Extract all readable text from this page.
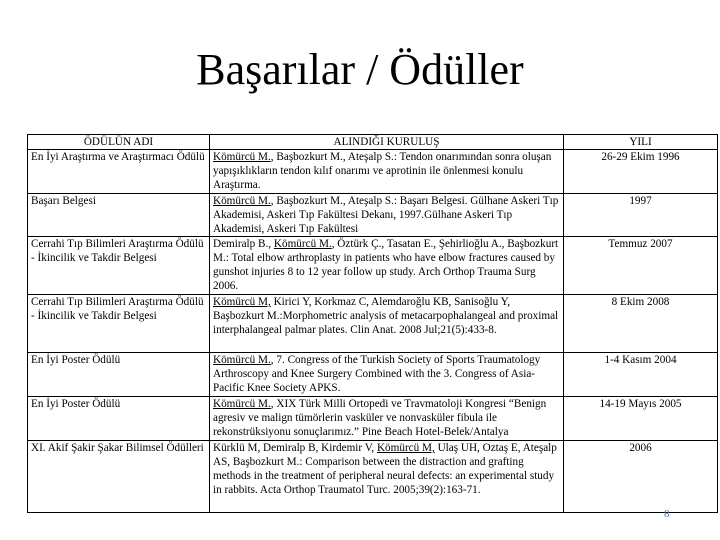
Başarılar / Ödüller
ÖDÜLÜN ADI	ALINDIĞI KURULUŞ	YILI
En İyi Araştırma ve Araştırmacı Ödülü	Kömürcü M., Başbozkurt M., Ateşalp S.: Tendon onarımından sonra oluşan yapışıklıkların tendon kılıf onarımı ve aprotinin ile önlenmesi konulu Araştırma.	26-29 Ekim 1996
Başarı Belgesi	Kömürcü M., Başbozkurt M., Ateşalp S.: Başarı Belgesi. Gülhane Askeri Tıp Akademisi, Askeri Tıp Fakültesi Dekanı, 1997.Gülhane Askeri Tıp Akademisi, Askeri Tıp Fakültesi	1997
Cerrahi Tıp Bilimleri Araştırma Ödülü - İkincilik ve Takdir Belgesi	Demiralp B., Kömürcü M., Öztürk Ç., Tasatan E., Şehirlioğlu A., Başbozkurt M.: Total elbow arthroplasty in patients who have elbow fractures caused by gunshot injuries 8 to 12 year follow up study. Arch Orthop Trauma Surg 2006.	Temmuz 2007
Cerrahi Tıp Bilimleri Araştırma Ödülü - İkincilik ve Takdir Belgesi	Kömürcü M, Kirici Y, Korkmaz C, Alemdaroğlu KB, Sanisoğlu Y, Başbozkurt M.:Morphometric analysis of metacarpophalangeal and proximal interphalangeal palmar plates. Clin Anat. 2008 Jul;21(5):433-8.	8 Ekim 2008
En İyi Poster Ödülü	Kömürcü M., 7. Congress of the Turkish Society of Sports Traumatology Arthroscopy and Knee Surgery Combined with the 3. Congress of Asia-Pacific Knee Society APKS.	1-4 Kasım 2004
En İyi Poster Ödülü	Kömürcü M., XIX Türk Milli Ortopedi ve Travmatoloji Kongresi “Benign agresiv ve malign tümörlerin vasküler ve nonvasküler fibula ile rekonstrüksiyonu sonuçlarımız.” Pine Beach Hotel-Belek/Antalya	14-19 Mayıs 2005
XI. Akif Şakir Şakar Bilimsel Ödülleri	Kürklü M, Demiralp B, Kirdemir V, Kömürcü M, Ulaş UH, Oztaş E, Ateşalp AS, Başbozkurt M.: Comparison between the distraction and grafting methods in the treatment of peripheral neural defects: an experimental study in rabbits. Acta Orthop Traumatol Turc. 2005;39(2):163-71.	2006
8
